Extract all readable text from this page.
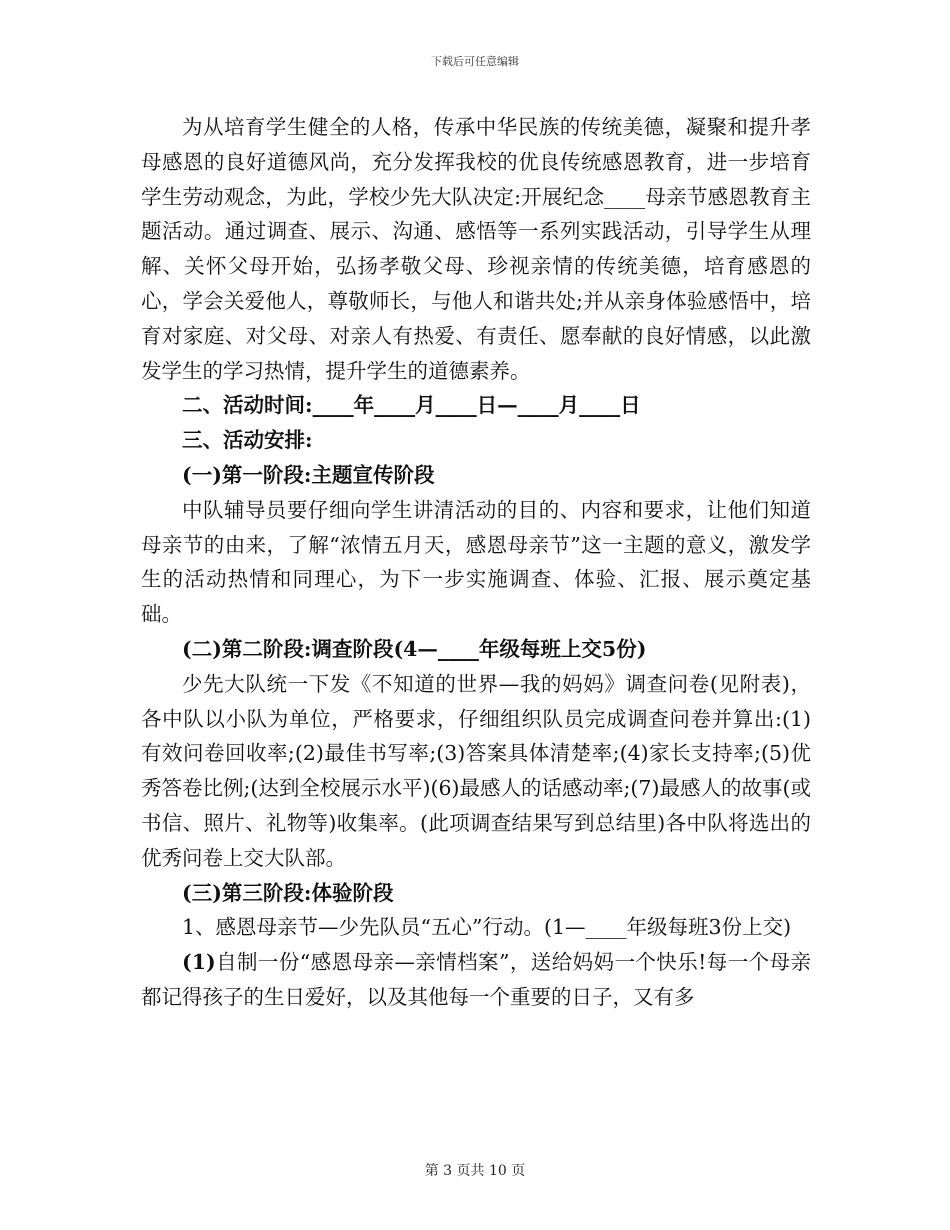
下载后可任意编辑

为从培育学生健全的人格，传承中华民族的传统美德，凝聚和提升孝母感恩的良好道德风尚，充分发挥我校的优良传统感恩教育，进一步培育学生劳动观念，为此，学校少先大队决定:开展纪念____母亲节感恩教育主题活动。通过调查、展示、沟通、感悟等一系列实践活动，引导学生从理解、关怀父母开始，弘扬孝敬父母、珍视亲情的传统美德，培育感恩的心，学会关爱他人，尊敬师长，与他人和谐共处;并从亲身体验感悟中，培育对家庭、对父母、对亲人有热爱、有责任、愿奉献的良好情感，以此激发学生的学习热情，提升学生的道德素养。

二、活动时间:____年____月____日—____月____日

三、活动安排:

(一)第一阶段:主题宣传阶段

中队辅导员要仔细向学生讲清活动的目的、内容和要求，让他们知道母亲节的由来，了解“浓情五月天，感恩母亲节”这一主题的意义，激发学生的活动热情和同理心，为下一步实施调查、体验、汇报、展示奠定基础。

(二)第二阶段:调查阶段(4—____年级每班上交5份)

少先大队统一下发《不知道的世界—我的妈妈》调查问卷(见附表)，各中队以小队为单位，严格要求，仔细组织队员完成调查问卷并算出:(1)有效问卷回收率;(2)最佳书写率;(3)答案具体清楚率;(4)家长支持率;(5)优秀答卷比例;(达到全校展示水平)(6)最感人的话感动率;(7)最感人的故事(或书信、照片、礼物等)收集率。(此项调查结果写到总结里)各中队将选出的优秀问卷上交大队部。

(三)第三阶段:体验阶段

1、感恩母亲节—少先队员“五心”行动。(1—____年级每班3份上交)

(1)自制一份“感恩母亲—亲情档案”，送给妈妈一个快乐!每一个母亲都记得孩子的生日爱好，以及其他每一个重要的日子，又有多

第 3 页共 10 页
